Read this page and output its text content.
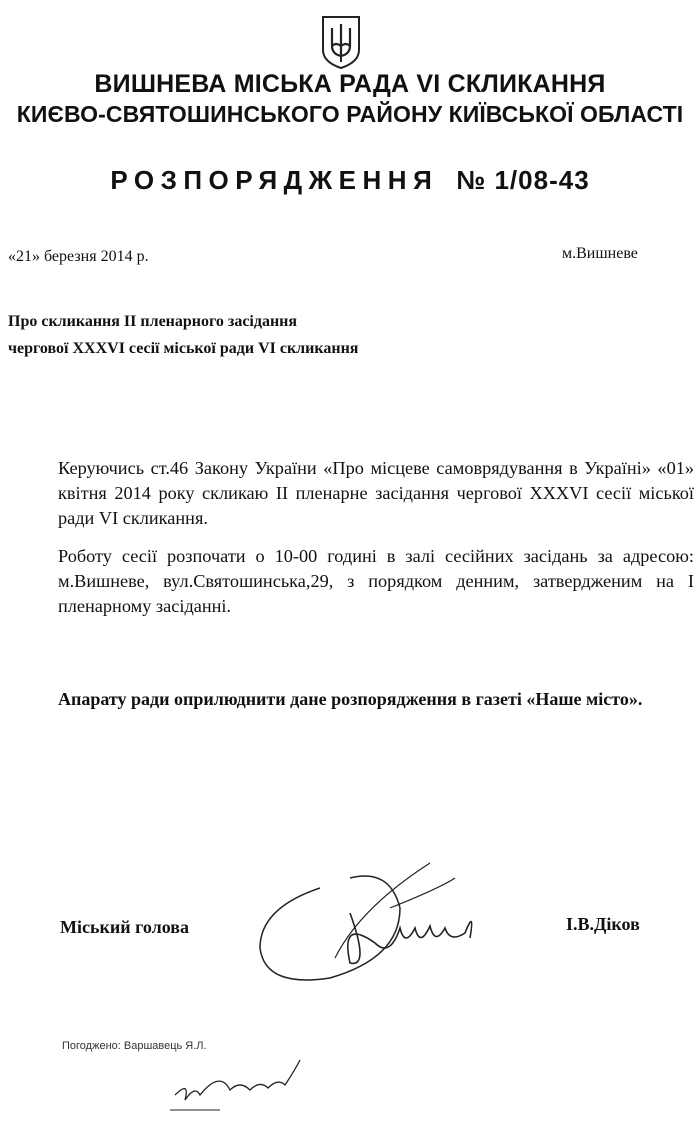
ВИШНЕВА МІСЬКА РАДА VI СКЛИКАННЯ
КИЄВО-СВЯТОШИНСЬКОГО РАЙОНУ КИЇВСЬКОЇ ОБЛАСТІ
РОЗПОРЯДЖЕННЯ № 1/08-43
«21» березня 2014 р.	м.Вишневе
Про скликання ІІ пленарного засідання
чергової XXXVI сесії міської ради VI скликання
Керуючись ст.46 Закону України «Про місцеве самоврядування в Україні» «01» квітня 2014 року скликаю ІІ пленарне засідання чергової XXXVI сесії міської ради VI скликання.
Роботу сесії розпочати о 10-00 годині в залі сесійних засідань за адресою: м.Вишневе, вул.Святошинська,29, з порядком денним, затвердженим на І пленарному засіданні.
Апарату ради оприлюднити дане розпорядження в газеті «Наше місто».
Міський голова	І.В.Діков
Погоджено: Варшавець Я.Л.
